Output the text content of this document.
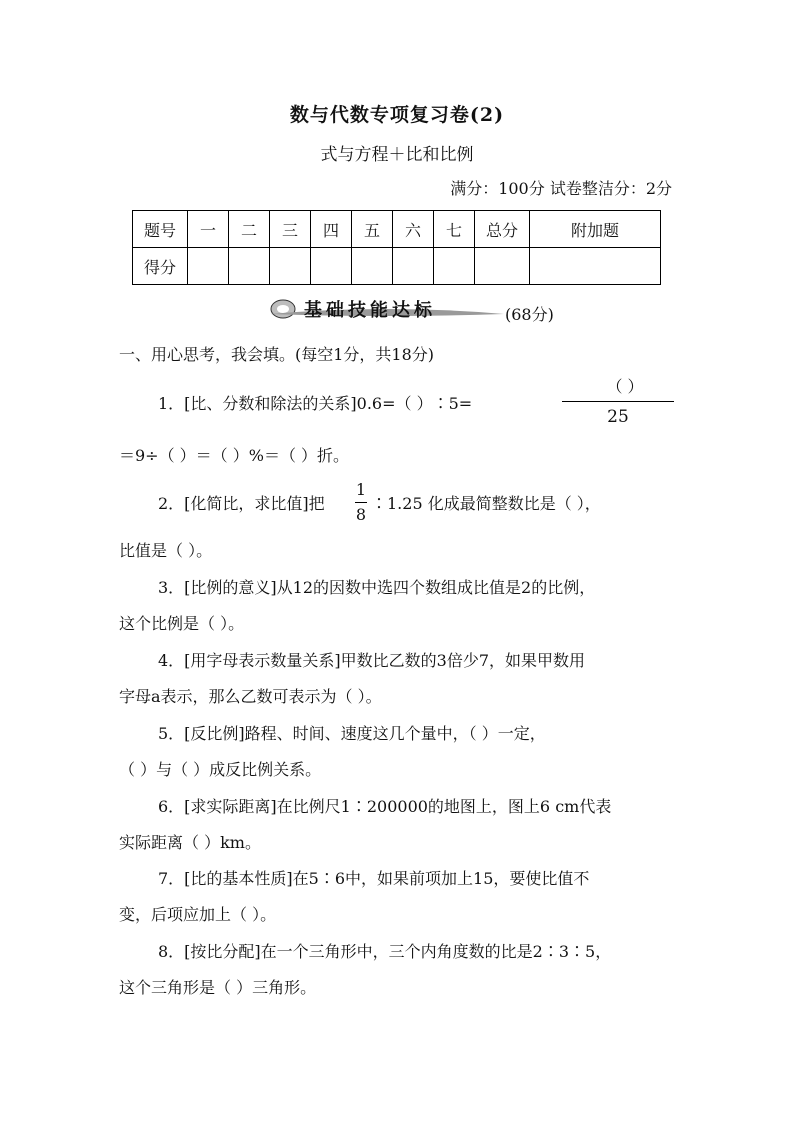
数与代数专项复习卷(2)
式与方程＋比和比例
满分：100分 试卷整洁分：2分
题号	一	二	三	四	五	六	七	总分	附加题
得分									
基础技能达标	(68分)
一、用心思考，我会填。(每空1分，共18分)
1．[比、分数和除法的关系]0.6=（ ）∶5=
（ ）
25
＝9÷（ ）＝（ ）%＝（ ）折。
2．[化简比，求比值]把
1
8
∶1.25 化成最简整数比是（ ），
比值是（ ）。
3．[比例的意义]从12的因数中选四个数组成比值是2的比例，
这个比例是（ ）。
4．[用字母表示数量关系]甲数比乙数的3倍少7，如果甲数用
字母a表示，那么乙数可表示为（ ）。
5．[反比例]路程、时间、速度这几个量中，（ ）一定，
（ ）与（ ）成反比例关系。
6．[求实际距离]在比例尺1∶200000的地图上，图上6 cm代表
实际距离（ ）km。
7．[比的基本性质]在5∶6中，如果前项加上15，要使比值不
变，后项应加上（ ）。
8．[按比分配]在一个三角形中，三个内角度数的比是2∶3∶5，
这个三角形是（ ）三角形。
